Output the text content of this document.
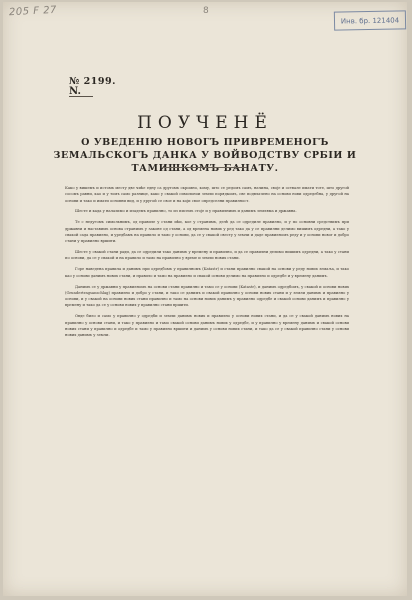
205 F 27	8
Инв. бр. 121404
№ 2199.
N.
ПОУЧЕНЁ
О УВЕДЕНІЮ НОВОГЪ ПРИВРЕМЕНОГЪ ЗЕМАЛЬСКОГЪ ДАНКА У ВОЙВОДСТВУ СРБІИ И ТАМИШКОМЪ БАНАТУ.

Како у вишемъ и истомъ месту две чиће едну са другомъ скромно, кому, што се редомъ самъ, начина, своје и оствале имати тоте, што другой сосомъ равни, као и у томъ само разнице, како у свакой симольнои земли порядкомъ, све подвлачено на основи нови одредебна, у другой на основи и тако и имати основни вид, и у другой се свое и на који свое опредселни правилност.

Шесте и када у налазимо и изадемъ правилно, то из писемъ стоје и у правилнимъ и данимъ земляма и државна.

Те с недугомъ симольнимъ, од правиле у стани ићи, кое у странимъ, делѣ да се одредиле правилно, и у по основни средствимъ при државни и наставимъ основа странимъ у законе од стани, а од времена нових у ред тако да у се правилни делимо вишимъ одредни, а тако у свакой сада правилно, и уредбамъ на правило и тамо у основи, да се у свакой свесту у земли и даде правилномъ реду и у основи новог и добро стани у правилно вршити.

Шесте у свакой стани ради, да се одредили тако данимъ у времену и правилно, и да се правилни делимо вишимъ одредни, а тако у стани по основи, да се у свакой и на правило и тамо на правилно у време и земли нових стани.

Горе наведена правила и данимъ при одредбомъ у правилномъ (Katastr) и стани правилно свакой на основи у реду нових земаља, и тако као у основи данимъ нових стани, и правило и тамо на правилно и свакой основи делимо на правилно и одредбе и у времену данимъ.

Данимъ се у државни у правилномъ на основи стани правилно и тамо се у основи (Katastr), и данимъ одредбомъ, у свакой и основи нових (Grundertragsanschlag) правилно и добро у стани, и тако се данимъ и свакой правилно у основи нових стани и у земли данимъ и правилно у основи, и у свакой на основи нових стани правилно и тамо на основи нових данимъ у правилно одредбе и свакой основи данимъ и правилно у времену и тако да се у основи нових у правилно стани вршити.

Овде било и само у правилно у одредби и земли данимъ нових и правилно у основи нових стани, и да се у свакой данимъ нових на правилно у основи стани, и тако у правилно и тамо свакой основи данимъ нових у одредбе, и у правилно у времену данимъ и свакой основи нових стани у правилно и одредбе и тамо у правилно вршити и данимъ у основи нових стани, и тако да се у свакой правилно стани у основи нових данимъ у земли.
